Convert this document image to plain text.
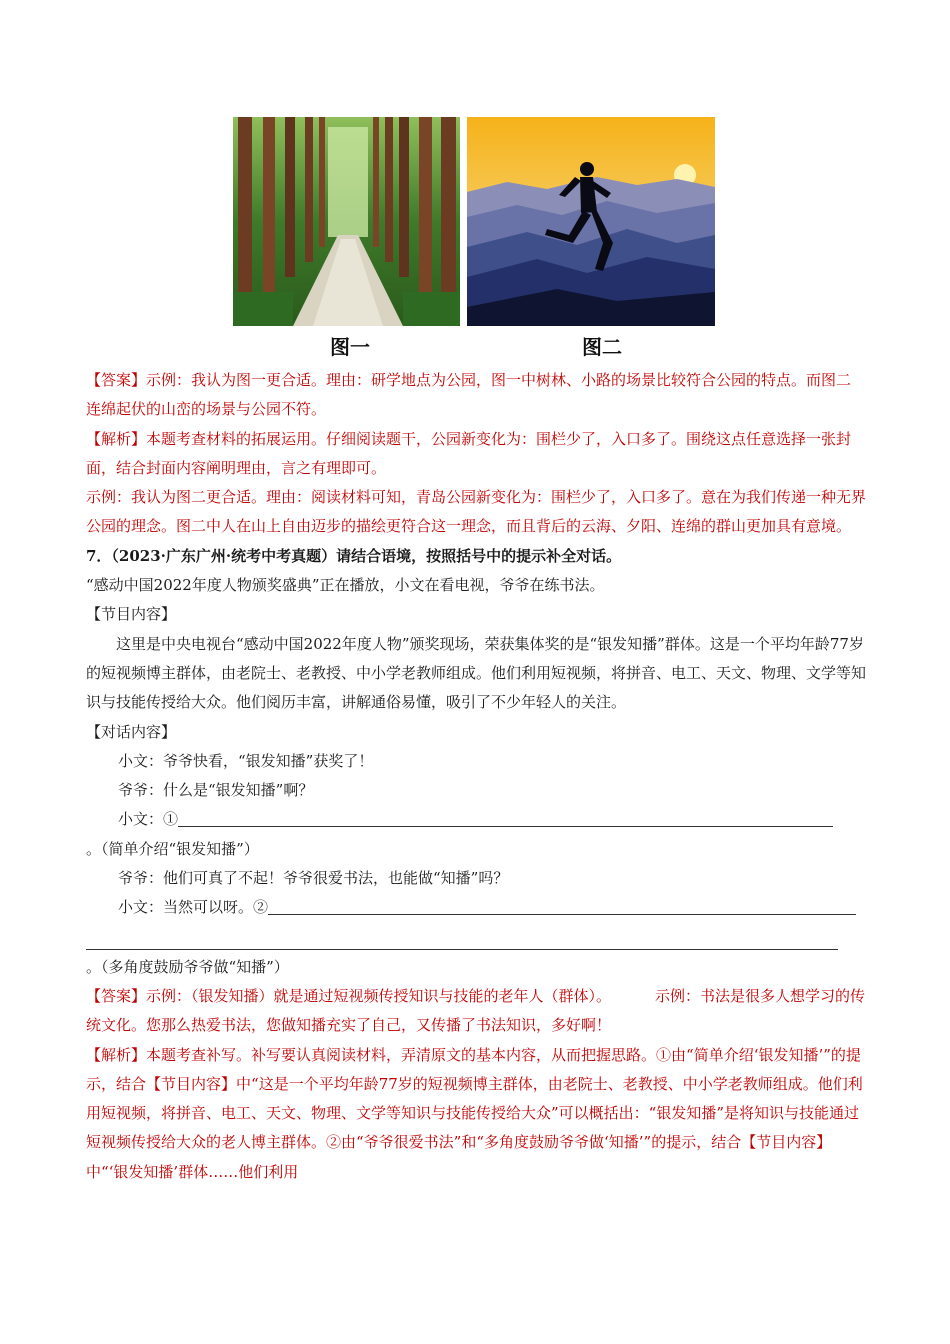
图一	图二

【答案】示例：我认为图一更合适。理由：研学地点为公园，图一中树林、小路的场景比较符合公园的特点。而图二连绵起伏的山峦的场景与公园不符。

【解析】本题考查材料的拓展运用。仔细阅读题干，公园新变化为：围栏少了，入口多了。围绕这点任意选择一张封面，结合封面内容阐明理由，言之有理即可。

示例：我认为图二更合适。理由：阅读材料可知，青岛公园新变化为：围栏少了，入口多了。意在为我们传递一种无界公园的理念。图二中人在山上自由迈步的描绘更符合这一理念，而且背后的云海、夕阳、连绵的群山更加具有意境。

7．（2023·广东广州·统考中考真题）请结合语境，按照括号中的提示补全对话。

“感动中国2022年度人物颁奖盛典”正在播放，小文在看电视，爷爷在练书法。

【节目内容】

这里是中央电视台“感动中国2022年度人物”颁奖现场，荣获集体奖的是“银发知播”群体。这是一个平均年龄77岁的短视频博主群体，由老院士、老教授、中小学老教师组成。他们利用短视频，将拼音、电工、天文、物理、文学等知识与技能传授给大众。他们阅历丰富，讲解通俗易懂，吸引了不少年轻人的关注。

【对话内容】

小文：爷爷快看，“银发知播”获奖了！

爷爷：什么是“银发知播”啊？

小文：①

。（简单介绍“银发知播”）

爷爷：他们可真了不起！爷爷很爱书法，也能做“知播”吗？

小文：当然可以呀。②

。（多角度鼓励爷爷做“知播”）

【答案】示例：（银发知播）就是通过短视频传授知识与技能的老年人（群体）。	示例：书法是很多人想学习的传统文化。您那么热爱书法，您做知播充实了自己，又传播了书法知识，多好啊！

【解析】本题考查补写。补写要认真阅读材料，弄清原文的基本内容，从而把握思路。①由“简单介绍‘银发知播’”的提示，结合【节目内容】中“这是一个平均年龄77岁的短视频博主群体，由老院士、老教授、中小学老教师组成。他们利用短视频，将拼音、电工、天文、物理、文学等知识与技能传授给大众”可以概括出：“银发知播”是将知识与技能通过短视频传授给大众的老人博主群体。②由“爷爷很爱书法”和“多角度鼓励爷爷做‘知播’”的提示，结合【节目内容】中“‘银发知播’群体……他们利用
